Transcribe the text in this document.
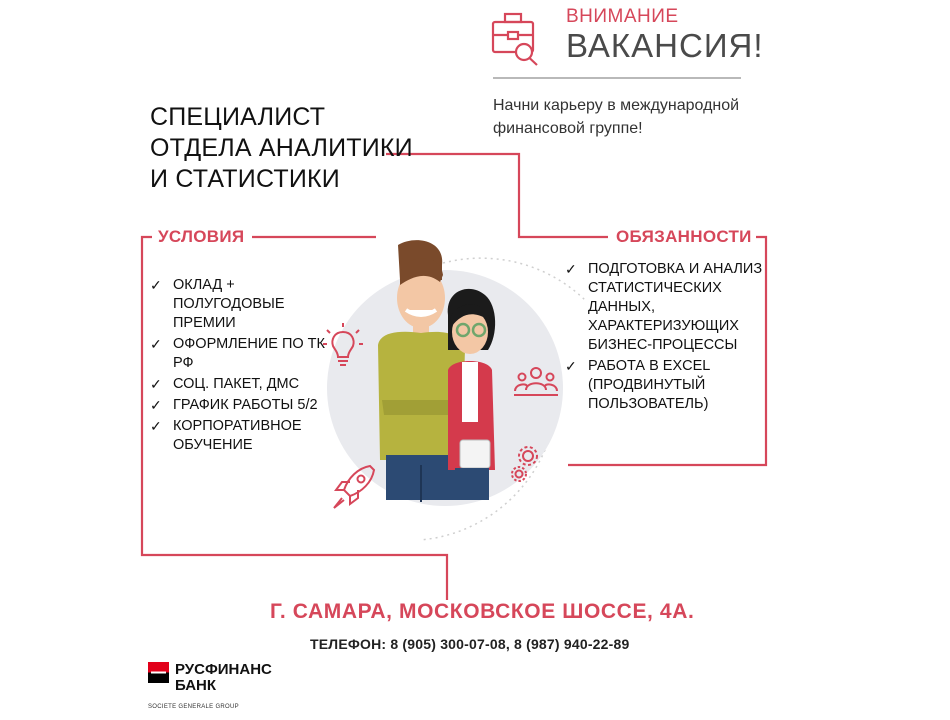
ВНИМАНИЕ
ВАКАНСИЯ!
Начни карьеру в международной финансовой группе!
СПЕЦИАЛИСТ
ОТДЕЛА АНАЛИТИКИ
И СТАТИСТИКИ
УСЛОВИЯ
✓ ОКЛАД + ПОЛУГОДОВЫЕ ПРЕМИИ
✓ ОФОРМЛЕНИЕ ПО ТК РФ
✓ СОЦ. ПАКЕТ, ДМС
✓ ГРАФИК РАБОТЫ 5/2
✓ КОРПОРАТИВНОЕ ОБУЧЕНИЕ
ОБЯЗАННОСТИ
✓ ПОДГОТОВКА И АНАЛИЗ СТАТИСТИЧЕСКИХ ДАННЫХ, ХАРАКТЕРИЗУЮЩИХ БИЗНЕС-ПРОЦЕССЫ
✓ РАБОТА В EXCEL (ПРОДВИНУТЫЙ ПОЛЬЗОВАТЕЛЬ)
Г. САМАРА, МОСКОВСКОЕ ШОССЕ, 4А.
ТЕЛЕФОН: 8 (905) 300-07-08, 8 (987) 940-22-89
РУСФИНАНС
БАНК
SOCIETE GENERALE GROUP
